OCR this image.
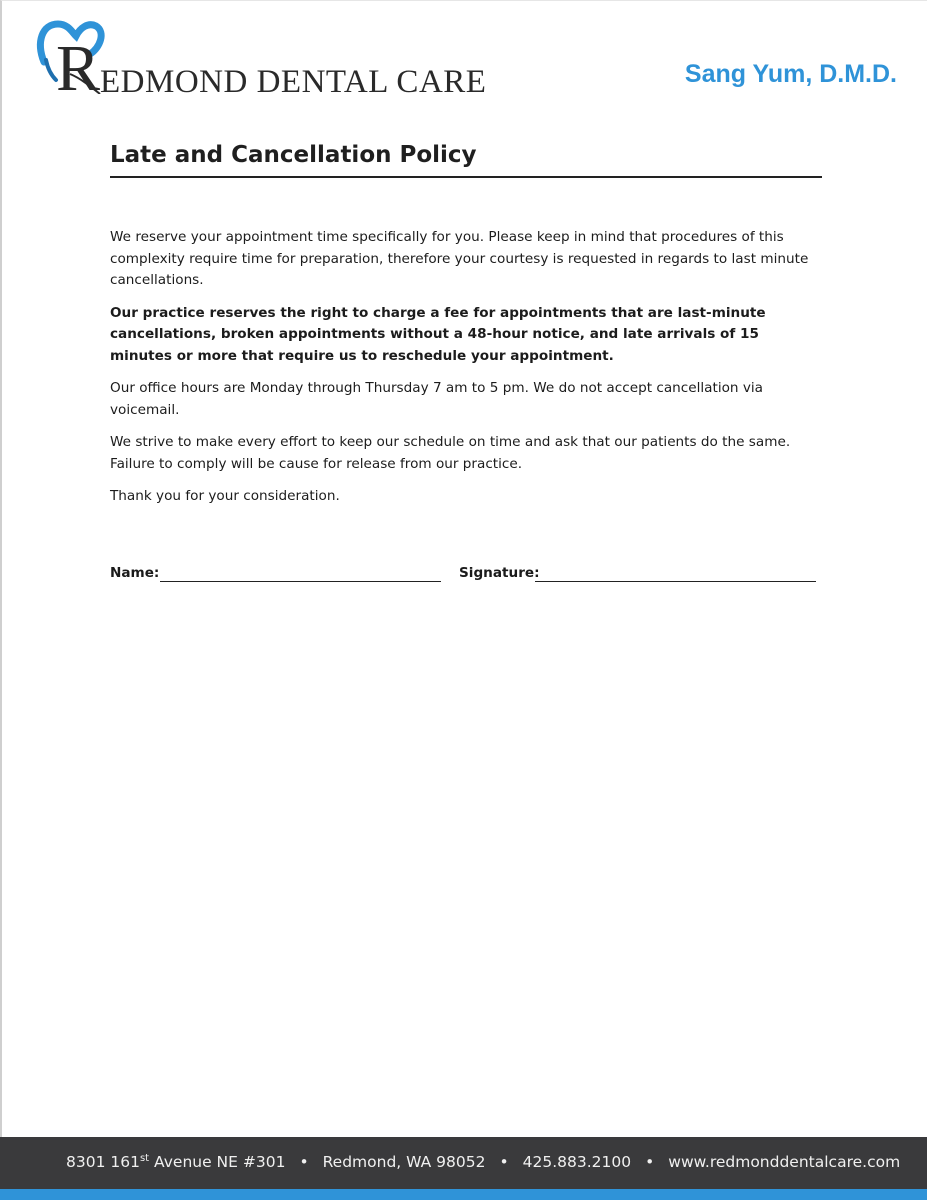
R EDMOND DENTAL CARE	Sang Yum, D.M.D.
Late and Cancellation Policy

We reserve your appointment time specifically for you. Please keep in mind that procedures of this complexity require time for preparation, therefore your courtesy is requested in regards to last minute cancellations.

Our practice reserves the right to charge a fee for appointments that are last-minute cancellations, broken appointments without a 48-hour notice, and late arrivals of 15 minutes or more that require us to reschedule your appointment.

Our office hours are Monday through Thursday 7 am to 5 pm. We do not accept cancellation via voicemail.

We strive to make every effort to keep our schedule on time and ask that our patients do the same. Failure to comply will be cause for release from our practice.

Thank you for your consideration.

Name:	Signature:
8301 161st Avenue NE #301 • Redmond, WA 98052 • 425.883.2100 • www.redmonddentalcare.com
